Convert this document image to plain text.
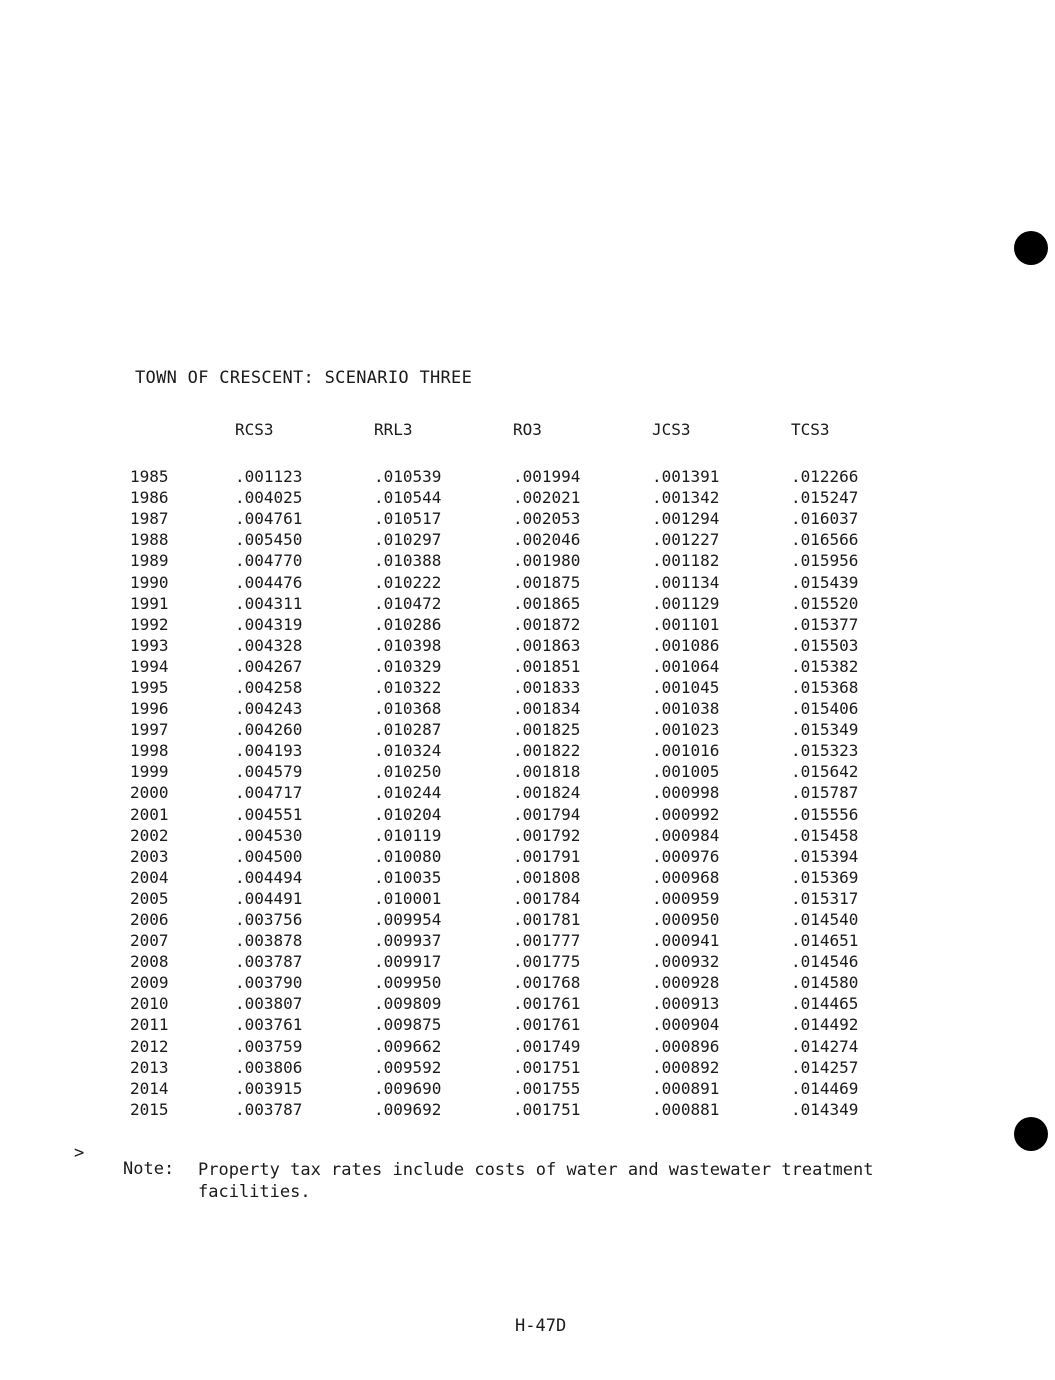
TOWN OF CRESCENT: SCENARIO THREE
	RCS3	RRL3	RO3	JCS3	TCS3

1985	.001123	.010539	.001994	.001391	.012266
1986	.004025	.010544	.002021	.001342	.015247
1987	.004761	.010517	.002053	.001294	.016037
1988	.005450	.010297	.002046	.001227	.016566
1989	.004770	.010388	.001980	.001182	.015956
1990	.004476	.010222	.001875	.001134	.015439
1991	.004311	.010472	.001865	.001129	.015520
1992	.004319	.010286	.001872	.001101	.015377
1993	.004328	.010398	.001863	.001086	.015503
1994	.004267	.010329	.001851	.001064	.015382
1995	.004258	.010322	.001833	.001045	.015368
1996	.004243	.010368	.001834	.001038	.015406
1997	.004260	.010287	.001825	.001023	.015349
1998	.004193	.010324	.001822	.001016	.015323
1999	.004579	.010250	.001818	.001005	.015642
2000	.004717	.010244	.001824	.000998	.015787
2001	.004551	.010204	.001794	.000992	.015556
2002	.004530	.010119	.001792	.000984	.015458
2003	.004500	.010080	.001791	.000976	.015394
2004	.004494	.010035	.001808	.000968	.015369
2005	.004491	.010001	.001784	.000959	.015317
2006	.003756	.009954	.001781	.000950	.014540
2007	.003878	.009937	.001777	.000941	.014651
2008	.003787	.009917	.001775	.000932	.014546
2009	.003790	.009950	.001768	.000928	.014580
2010	.003807	.009809	.001761	.000913	.014465
2011	.003761	.009875	.001761	.000904	.014492
2012	.003759	.009662	.001749	.000896	.014274
2013	.003806	.009592	.001751	.000892	.014257
2014	.003915	.009690	.001755	.000891	.014469
2015	.003787	.009692	.001751	.000881	.014349
>
Note: Property tax rates include costs of water and wastewater treatment facilities.
H-47D
